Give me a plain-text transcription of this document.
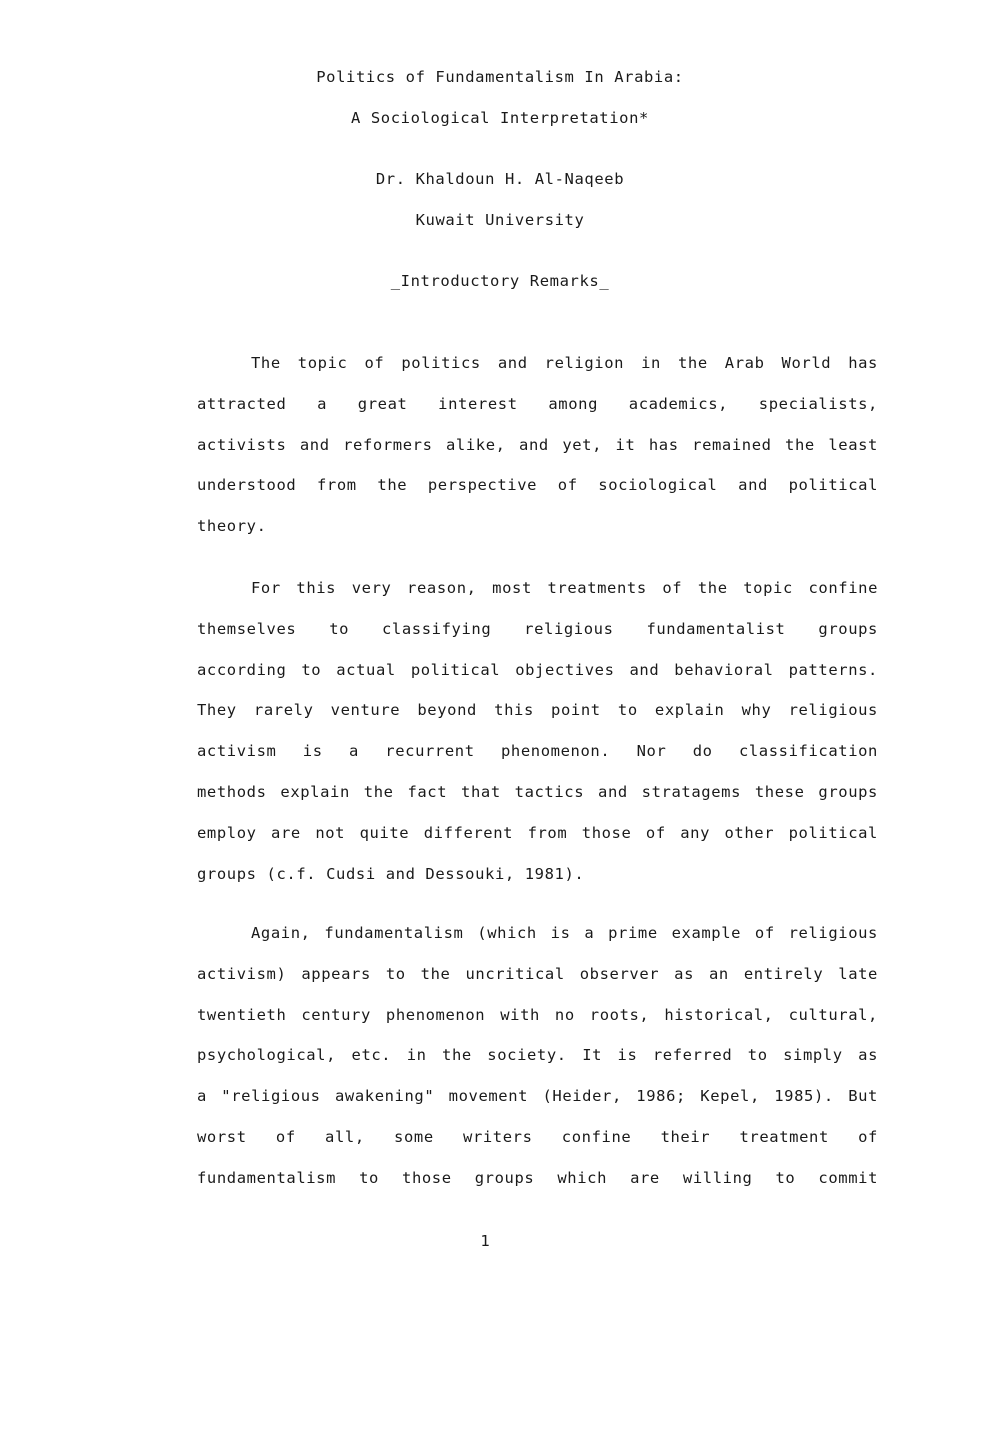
Politics of Fundamentalism In Arabia:
A Sociological Interpretation*
Dr. Khaldoun H. Al-Naqeeb
Kuwait University
_Introductory Remarks_
The topic of politics and religion in the Arab World has
attracted a great interest among academics, specialists,
activists and reformers alike, and yet, it has remained the least
understood from the perspective of sociological and political
theory.
For this very reason, most treatments of the topic confine
themselves to classifying religious fundamentalist groups
according to actual political objectives and behavioral patterns.
They rarely venture beyond this point to explain why religious
activism is a recurrent phenomenon. Nor do classification
methods explain the fact that tactics and stratagems these groups
employ are not quite different from those of any other political
groups (c.f. Cudsi and Dessouki, 1981).
Again, fundamentalism (which is a prime example of religious
activism) appears to the uncritical observer as an entirely late
twentieth century phenomenon with no roots, historical, cultural,
psychological, etc. in the society. It is referred to simply as
a "religious awakening" movement (Heider, 1986; Kepel, 1985). But
worst of all, some writers confine their treatment of
fundamentalism to those groups which are willing to commit
1
